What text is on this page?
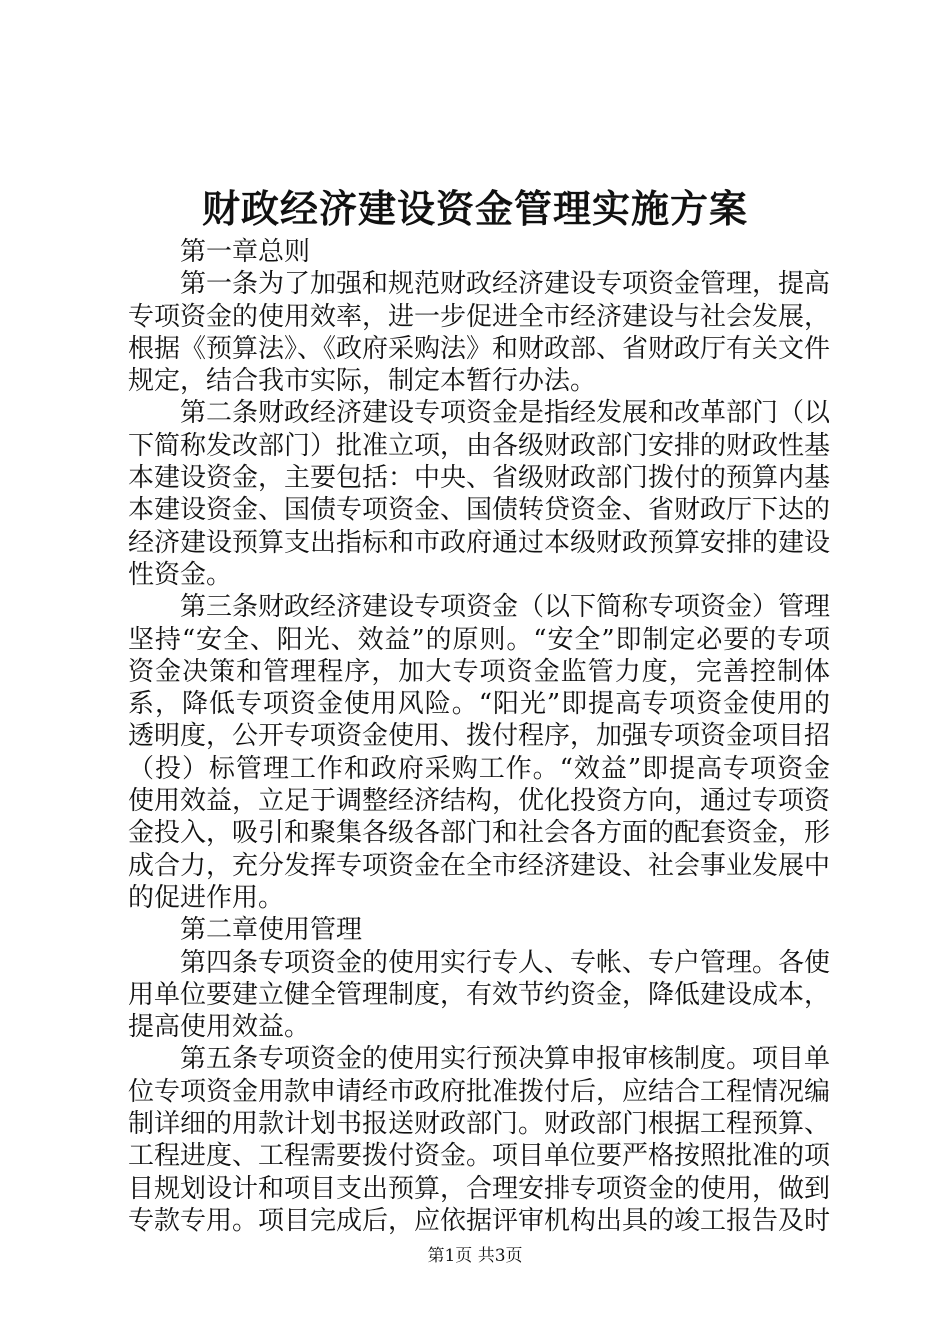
财政经济建设资金管理实施方案

第一章总则

第一条为了加强和规范财政经济建设专项资金管理，提高专项资金的使用效率，进一步促进全市经济建设与社会发展，根据《预算法》、《政府采购法》和财政部、省财政厅有关文件规定，结合我市实际，制定本暂行办法。

第二条财政经济建设专项资金是指经发展和改革部门（以下简称发改部门）批准立项，由各级财政部门安排的财政性基本建设资金，主要包括：中央、省级财政部门拨付的预算内基本建设资金、国债专项资金、国债转贷资金、省财政厅下达的经济建设预算支出指标和市政府通过本级财政预算安排的建设性资金。

第三条财政经济建设专项资金（以下简称专项资金）管理坚持“安全、阳光、效益”的原则。“安全”即制定必要的专项资金决策和管理程序，加大专项资金监管力度，完善控制体系，降低专项资金使用风险。“阳光”即提高专项资金使用的透明度，公开专项资金使用、拨付程序，加强专项资金项目招（投）标管理工作和政府采购工作。“效益”即提高专项资金使用效益，立足于调整经济结构，优化投资方向，通过专项资金投入，吸引和聚集各级各部门和社会各方面的配套资金，形成合力，充分发挥专项资金在全市经济建设、社会事业发展中的促进作用。

第二章使用管理

第四条专项资金的使用实行专人、专帐、专户管理。各使用单位要建立健全管理制度，有效节约资金，降低建设成本，提高使用效益。

第五条专项资金的使用实行预决算申报审核制度。项目单位专项资金用款申请经市政府批准拨付后，应结合工程情况编制详细的用款计划书报送财政部门。财政部门根据工程预算、工程进度、工程需要拨付资金。项目单位要严格按照批准的项目规划设计和项目支出预算，合理安排专项资金的使用，做到专款专用。项目完成后，应依据评审机构出具的竣工报告及时

第1页 共3页
